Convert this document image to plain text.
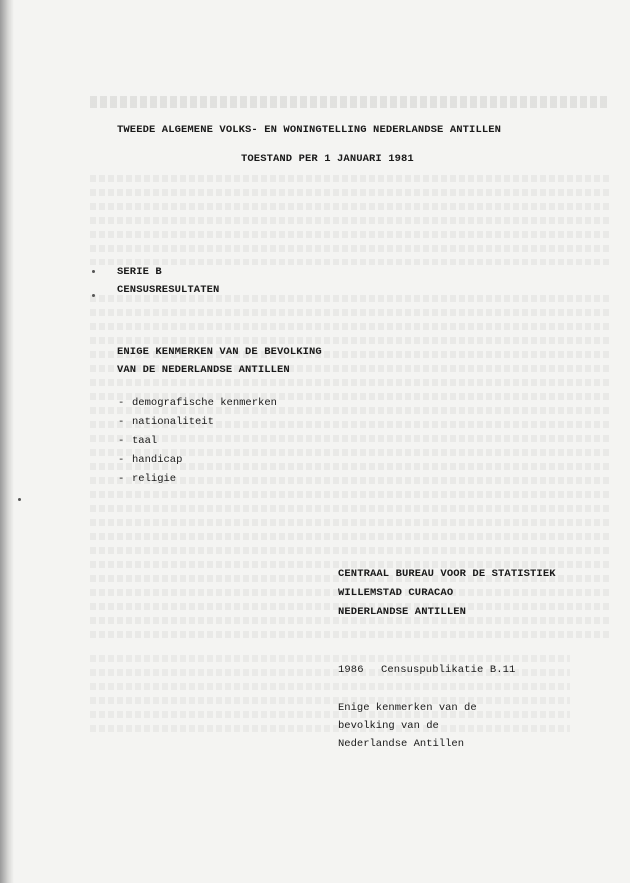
TWEEDE ALGEMENE VOLKS- EN WONINGTELLING NEDERLANDSE ANTILLEN
TOESTAND PER 1 JANUARI 1981
SERIE B
CENSUSRESULTATEN
ENIGE KENMERKEN VAN DE BEVOLKING
VAN DE NEDERLANDSE ANTILLEN
- demografische kenmerken
- nationaliteit
- taal
- handicap
- religie
CENTRAAL BUREAU VOOR DE STATISTIEK
WILLEMSTAD CURACAO
NEDERLANDSE ANTILLEN
1986 Censuspublikatie B.11
Enige kenmerken van de
bevolking van de
Nederlandse Antillen
